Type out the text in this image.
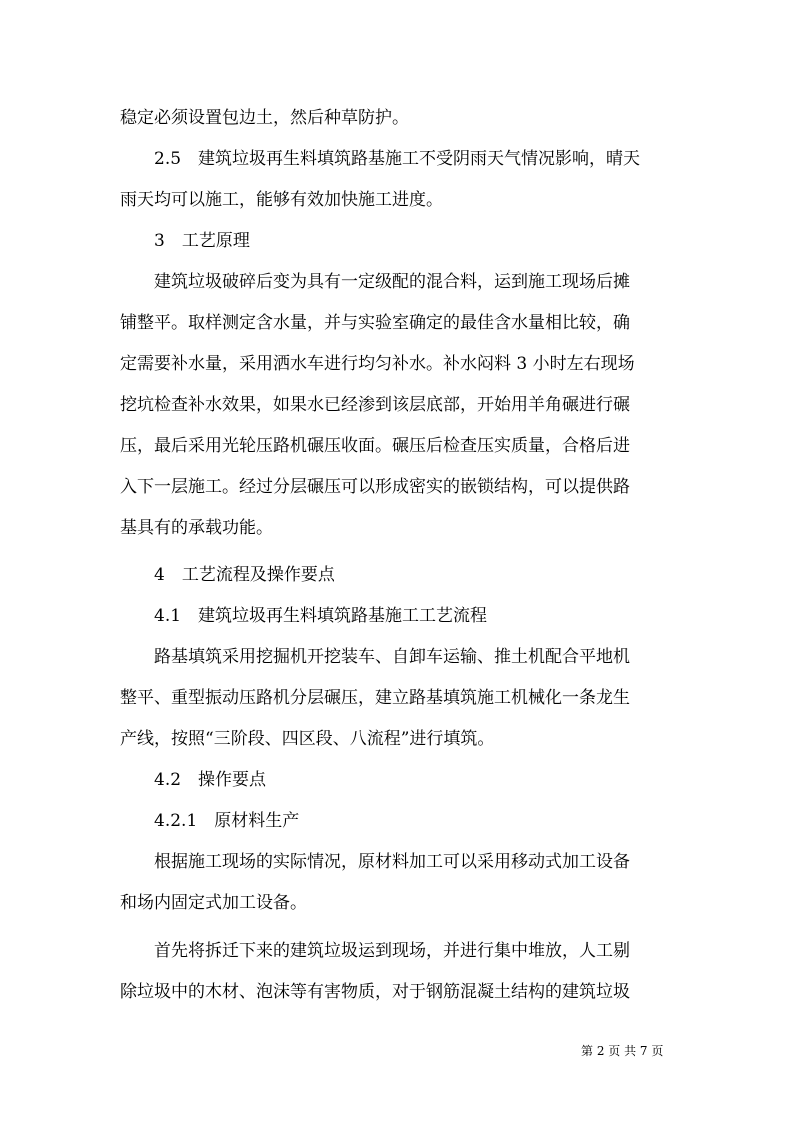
稳定必须设置包边土，然后种草防护。
　　2.5　建筑垃圾再生料填筑路基施工不受阴雨天气情况影响，晴天
雨天均可以施工，能够有效加快施工进度。
　　3　工艺原理
　　建筑垃圾破碎后变为具有一定级配的混合料，运到施工现场后摊
铺整平。取样测定含水量，并与实验室确定的最佳含水量相比较，确
定需要补水量，采用洒水车进行均匀补水。补水闷料 3 小时左右现场
挖坑检查补水效果，如果水已经渗到该层底部，开始用羊角碾进行碾
压，最后采用光轮压路机碾压收面。碾压后检查压实质量，合格后进
入下一层施工。经过分层碾压可以形成密实的嵌锁结构，可以提供路
基具有的承载功能。
　　4　工艺流程及操作要点
　　4.1　建筑垃圾再生料填筑路基施工工艺流程
　　路基填筑采用挖掘机开挖装车、自卸车运输、推土机配合平地机
整平、重型振动压路机分层碾压，建立路基填筑施工机械化一条龙生
产线，按照“三阶段、四区段、八流程”进行填筑。
　　4.2　操作要点
　　4.2.1　原材料生产
　　根据施工现场的实际情况，原材料加工可以采用移动式加工设备
和场内固定式加工设备。
　　首先将拆迁下来的建筑垃圾运到现场，并进行集中堆放，人工剔
除垃圾中的木材、泡沫等有害物质，对于钢筋混凝土结构的建筑垃圾
第 2 页 共 7 页
